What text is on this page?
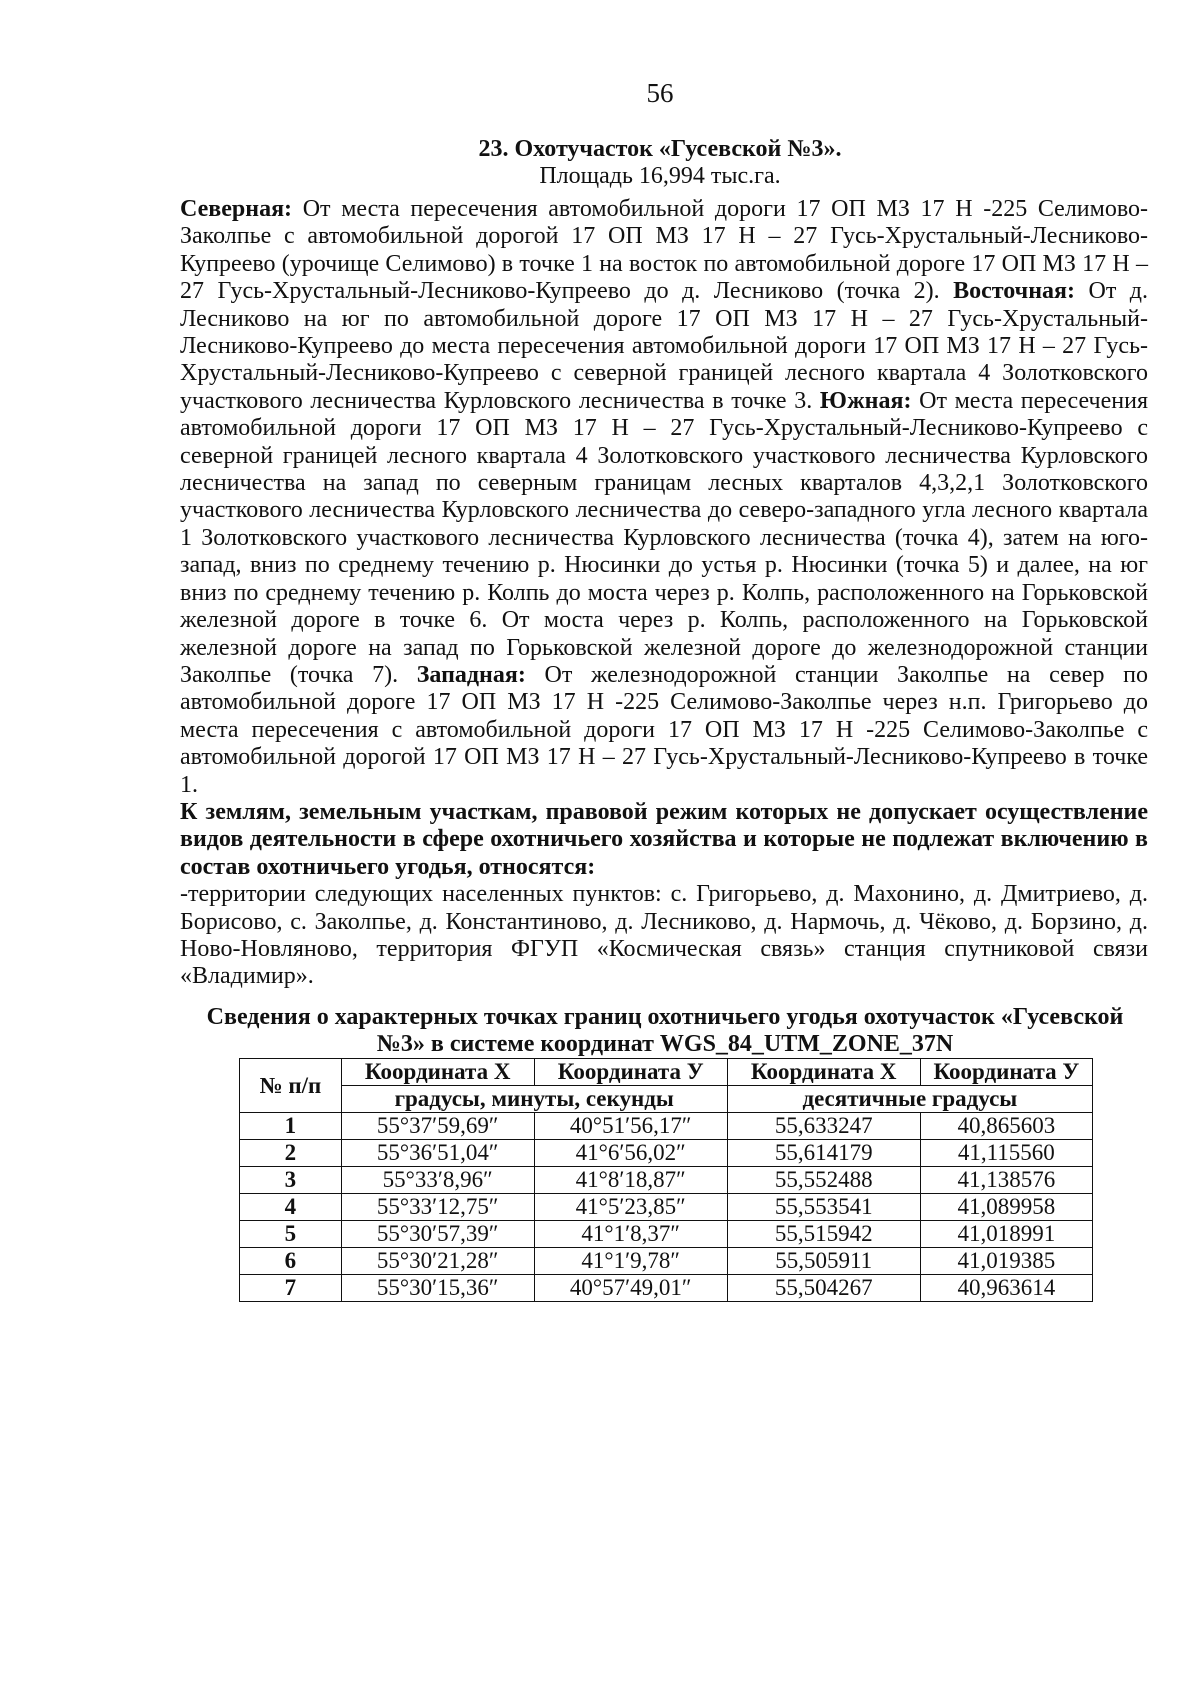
56
23. Охотучасток «Гусевской №3».
Площадь 16,994 тыс.га.

Северная: От места пересечения автомобильной дороги 17 ОП МЗ 17 Н -225 Селимово-Заколпье с автомобильной дорогой 17 ОП МЗ 17 Н – 27 Гусь-Хрустальный-Лесниково-Купреево (урочище Селимово) в точке 1 на восток по автомобильной дороге 17 ОП МЗ 17 Н – 27 Гусь-Хрустальный-Лесниково-Купреево до д. Лесниково (точка 2). Восточная: От д. Лесниково на юг по автомобильной дороге 17 ОП МЗ 17 Н – 27 Гусь-Хрустальный-Лесниково-Купреево до места пересечения автомобильной дороги 17 ОП МЗ 17 Н – 27 Гусь-Хрустальный-Лесниково-Купреево с северной границей лесного квартала 4 Золотковского участкового лесничества Курловского лесничества в точке 3. Южная: От места пересечения автомобильной дороги 17 ОП МЗ 17 Н – 27 Гусь-Хрустальный-Лесниково-Купреево с северной границей лесного квартала 4 Золотковского участкового лесничества Курловского лесничества на запад по северным границам лесных кварталов 4,3,2,1 Золотковского участкового лесничества Курловского лесничества до северо-западного угла лесного квартала 1 Золотковского участкового лесничества Курловского лесничества (точка 4), затем на юго-запад, вниз по среднему течению р. Нюсинки до устья р. Нюсинки (точка 5) и далее, на юг вниз по среднему течению р. Колпь до моста через р. Колпь, расположенного на Горьковской железной дороге в точке 6. От моста через р. Колпь, расположенного на Горьковской железной дороге на запад по Горьковской железной дороге до железнодорожной станции Заколпье (точка 7). Западная: От железнодорожной станции Заколпье на север по автомобильной дороге 17 ОП МЗ 17 Н -225 Селимово-Заколпье через н.п. Григорьево до места пересечения с автомобильной дороги 17 ОП МЗ 17 Н -225 Селимово-Заколпье с автомобильной дорогой 17 ОП МЗ 17 Н – 27 Гусь-Хрустальный-Лесниково-Купреево в точке 1.

К землям, земельным участкам, правовой режим которых не допускает осуществление видов деятельности в сфере охотничьего хозяйства и которые не подлежат включению в состав охотничьего угодья, относятся:

-территории следующих населенных пунктов: с. Григорьево, д. Махонино, д. Дмитриево, д. Борисово, с. Заколпье, д. Константиново, д. Лесниково, д. Нармочь, д. Чёково, д. Борзино, д. Ново-Новляново, территория ФГУП «Космическая связь» станция спутниковой связи «Владимир».

Сведения о характерных точках границ охотничьего угодья охотучасток «Гусевской №3» в системе координат WGS_84_UTM_ZONE_37N
№ п/п	Координата X	Координата У	Координата X	Координата У
	градусы, минуты, секунды		десятичные градусы	
1	55°37′59,69″	40°51′56,17″	55,633247	40,865603
2	55°36′51,04″	41°6′56,02″	55,614179	41,115560
3	55°33′8,96″	41°8′18,87″	55,552488	41,138576
4	55°33′12,75″	41°5′23,85″	55,553541	41,089958
5	55°30′57,39″	41°1′8,37″	55,515942	41,018991
6	55°30′21,28″	41°1′9,78″	55,505911	41,019385
7	55°30′15,36″	40°57′49,01″	55,504267	40,963614
